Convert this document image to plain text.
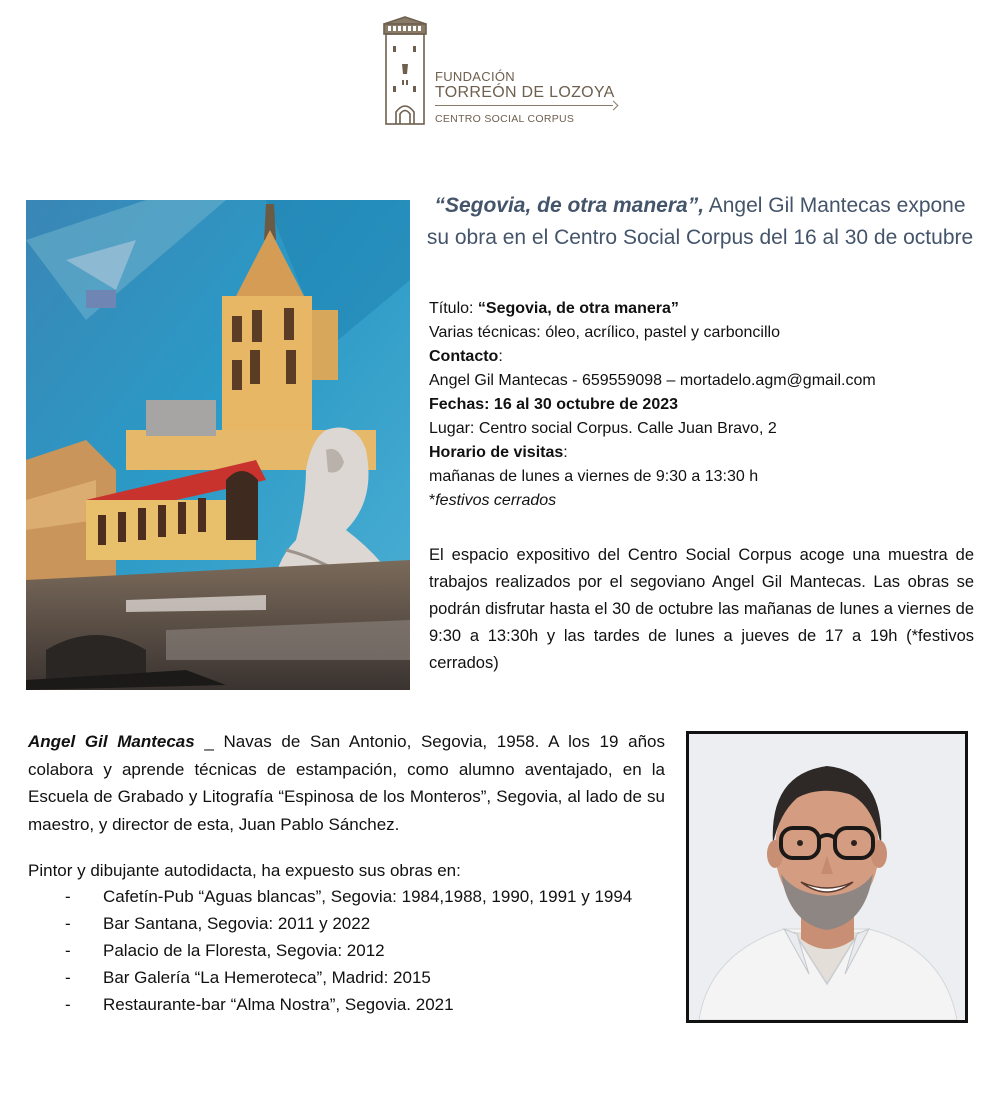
FUNDACIÓN
TORREÓN DE LOZOYA
CENTRO SOCIAL CORPUS
“Segovia, de otra manera”, Angel Gil Mantecas expone
su obra en el Centro Social Corpus del 16 al 30 de octubre
Título: “Segovia, de otra manera”
Varias técnicas: óleo, acrílico, pastel y carboncillo
Contacto:
Angel Gil Mantecas - 659559098 – mortadelo.agm@gmail.com
Fechas: 16 al 30 octubre de 2023
Lugar: Centro social Corpus. Calle Juan Bravo, 2
Horario de visitas:
mañanas de lunes a viernes de 9:30 a 13:30 h
*festivos cerrados
El espacio expositivo del Centro Social Corpus acoge una muestra de trabajos realizados por el segoviano Angel Gil Mantecas. Las obras se podrán disfrutar hasta el 30 de octubre las mañanas de lunes a viernes de 9:30 a 13:30h y las tardes de lunes a jueves de 17 a 19h (*festivos cerrados)
Angel Gil Mantecas _ Navas de San Antonio, Segovia, 1958. A los 19 años colabora y aprende técnicas de estampación, como alumno aventajado, en la Escuela de Grabado y Litografía “Espinosa de los Monteros”, Segovia, al lado de su maestro, y director de esta, Juan Pablo Sánchez.
Pintor y dibujante autodidacta, ha expuesto sus obras en:
- Cafetín-Pub “Aguas blancas”, Segovia: 1984,1988, 1990, 1991 y 1994
- Bar Santana, Segovia: 2011 y 2022
- Palacio de la Floresta, Segovia: 2012
- Bar Galería “La Hemeroteca”, Madrid: 2015
- Restaurante-bar “Alma Nostra”, Segovia. 2021
